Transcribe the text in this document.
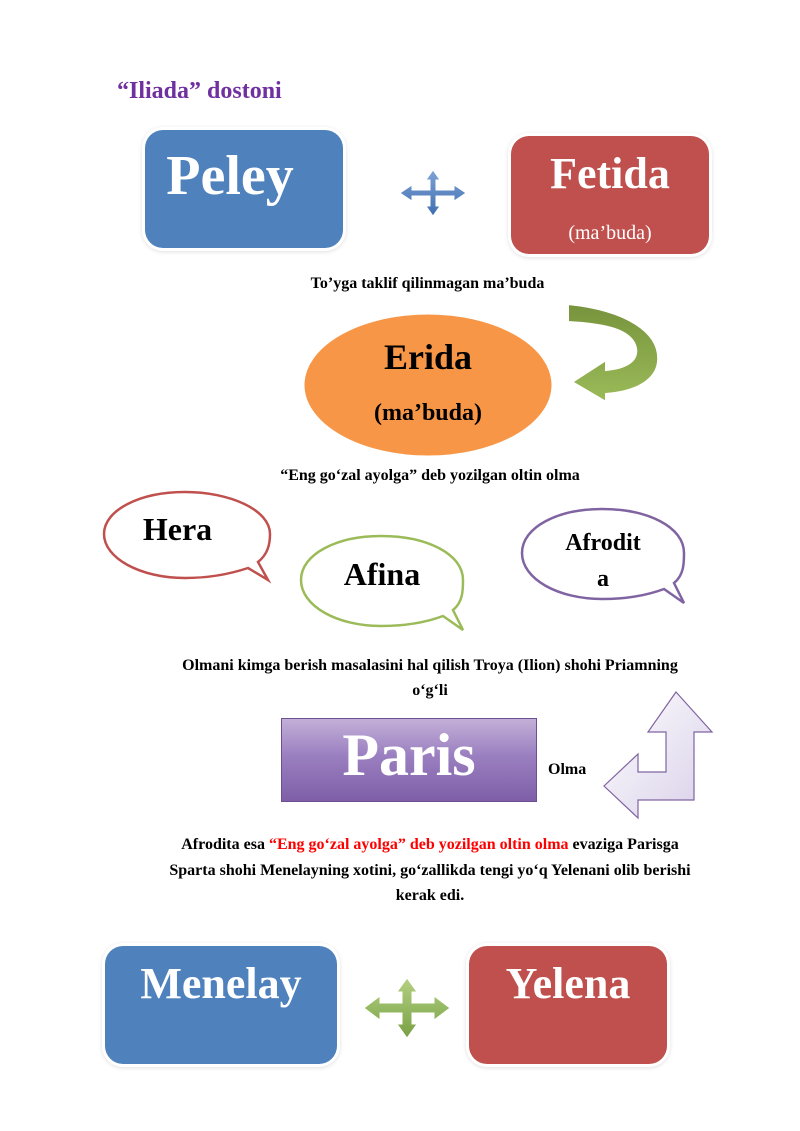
“Iliada” dostoni
Peley	Fetida
(ma’buda)
To’yga taklif qilinmagan ma’buda
Erida
(ma’buda)
“Eng go‘zal ayolga” deb yozilgan oltin olma
Hera
Afina
Afrodit
a
Olmani kimga berish masalasini hal qilish Troya (Ilion) shohi Priamning
o‘g‘li
Paris	Olma
Afrodita esa “Eng go‘zal ayolga” deb yozilgan oltin olma evaziga Parisga
Sparta shohi Menelayning xotini, go‘zallikda tengi yo‘q Yelenani olib berishi
kerak edi.
Menelay	Yelena
